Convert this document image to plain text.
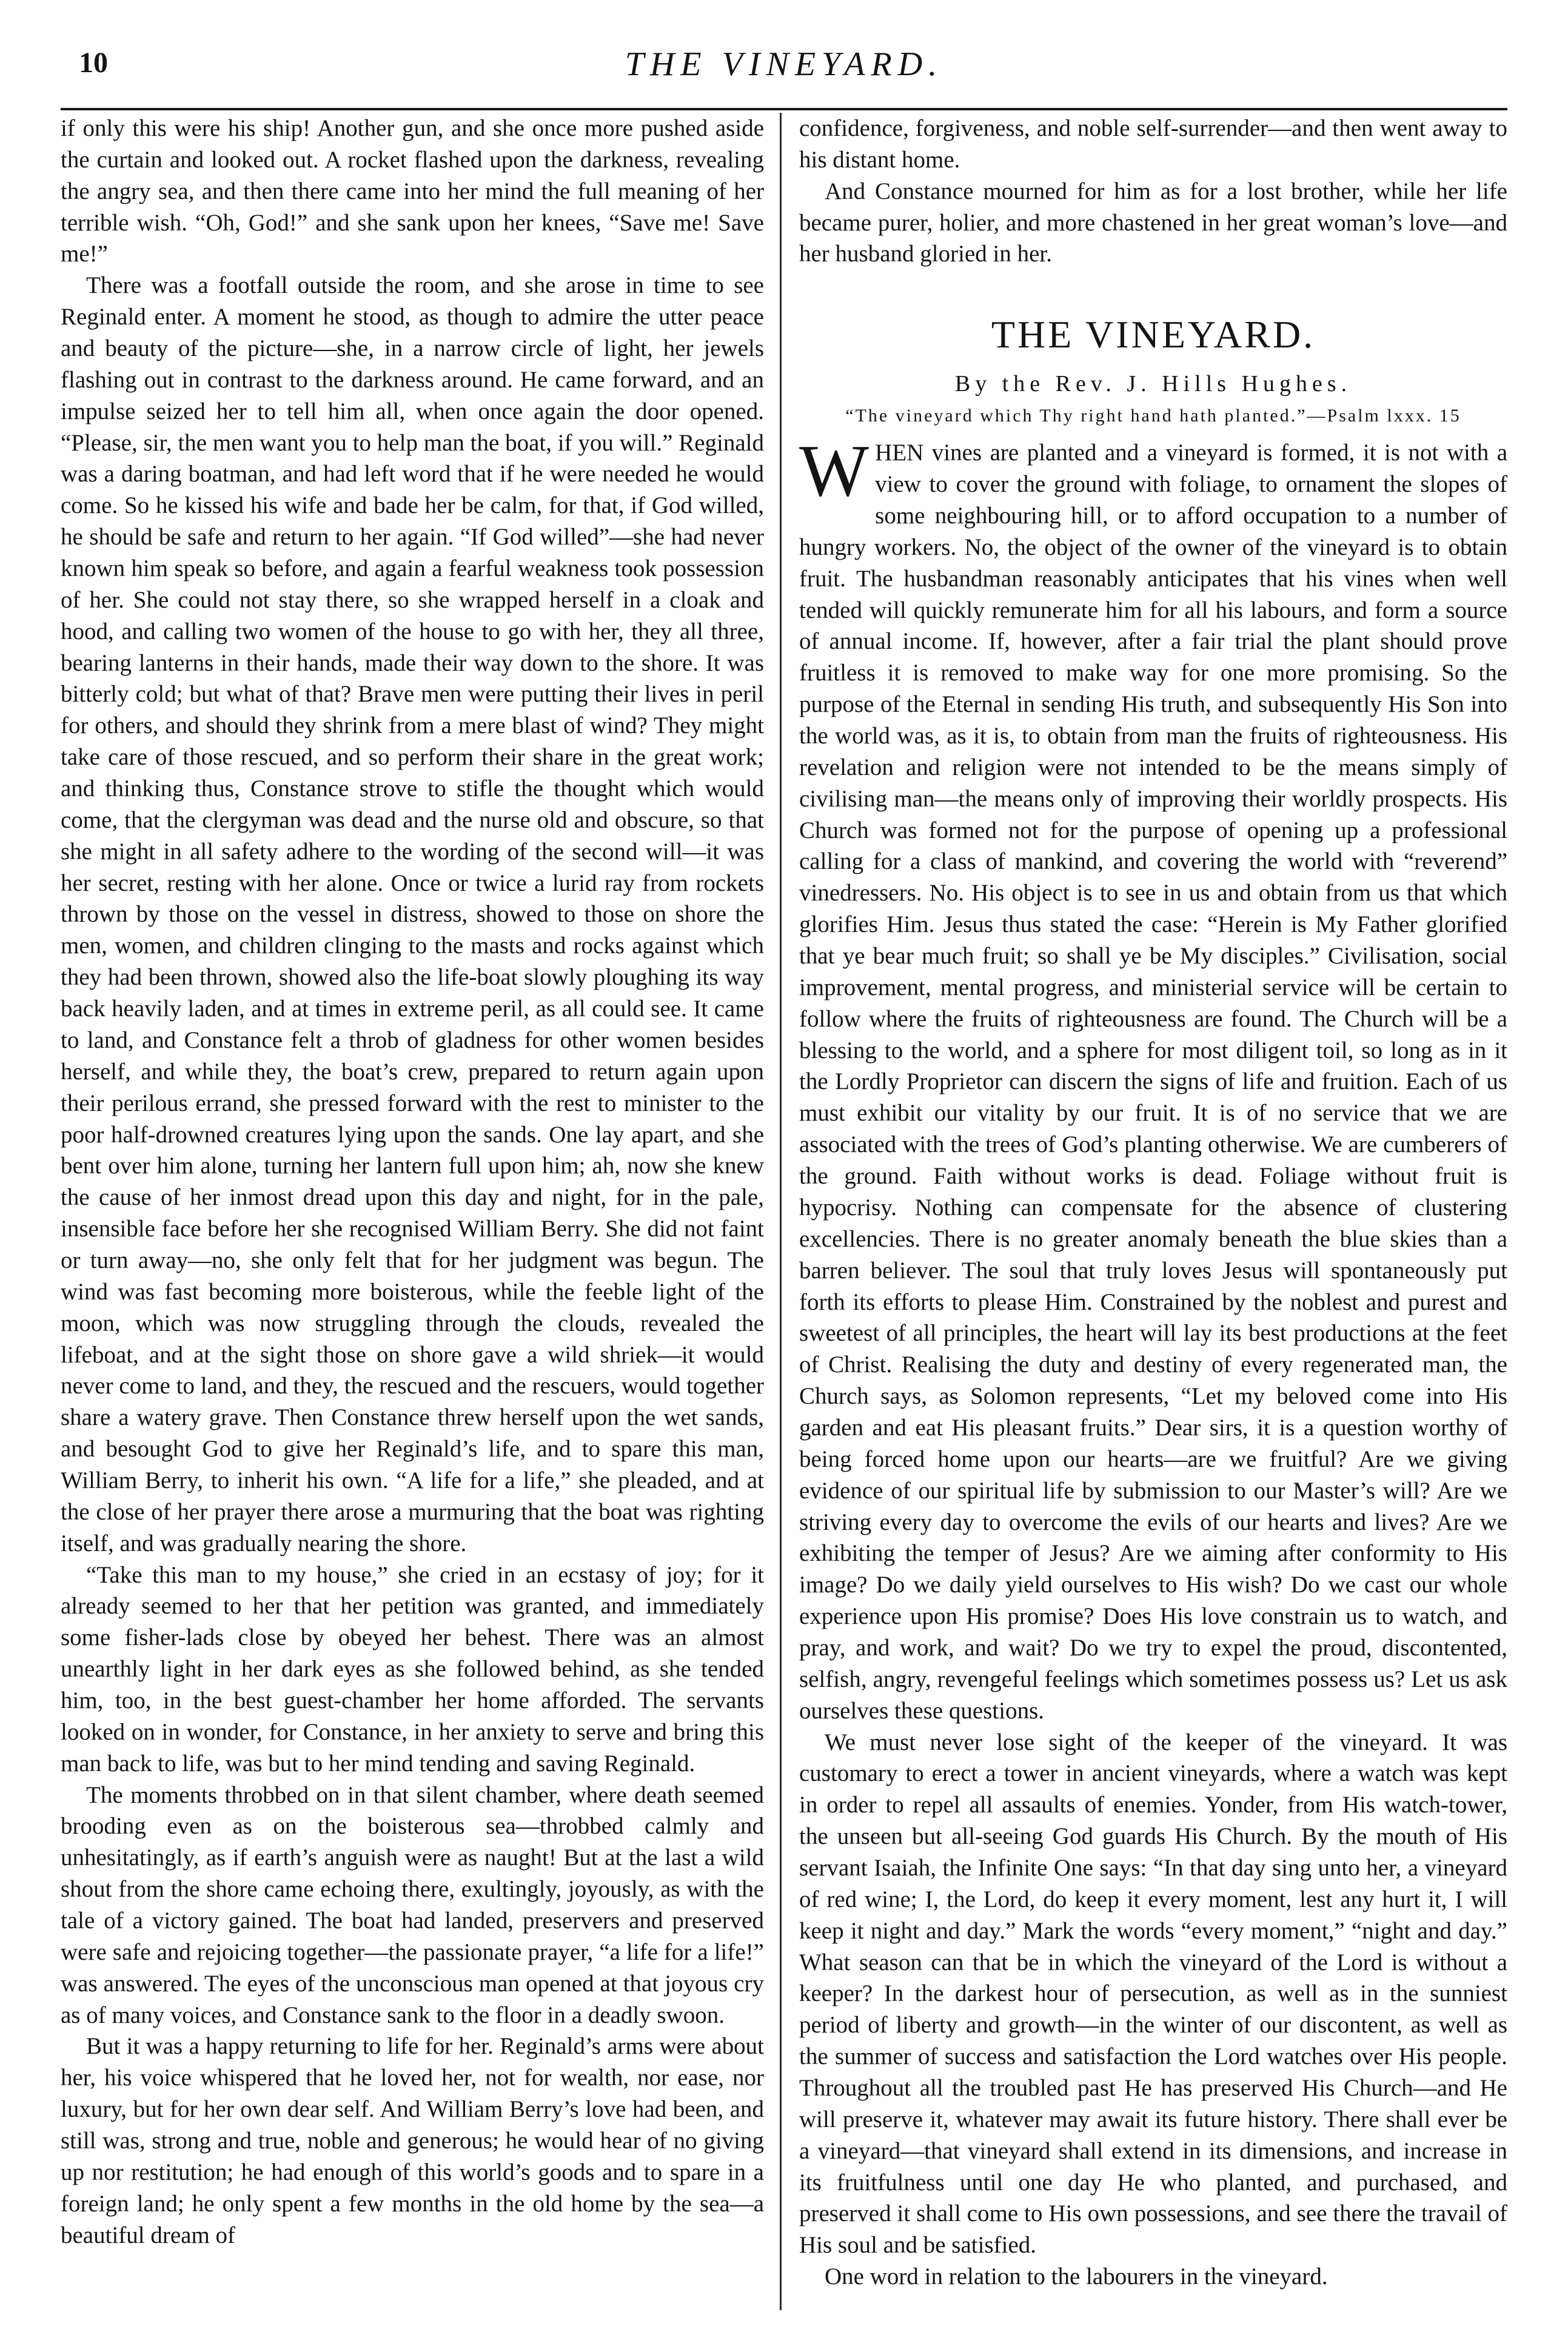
10	THE VINEYARD.

if only this were his ship! Another gun, and she once more pushed aside the curtain and looked out. A rocket flashed upon the darkness, revealing the angry sea, and then there came into her mind the full meaning of her terrible wish. “Oh, God!” and she sank upon her knees, “Save me! Save me!”

There was a footfall outside the room, and she arose in time to see Reginald enter. A moment he stood, as though to admire the utter peace and beauty of the picture—she, in a narrow circle of light, her jewels flashing out in contrast to the darkness around. He came forward, and an impulse seized her to tell him all, when once again the door opened. “Please, sir, the men want you to help man the boat, if you will.” Reginald was a daring boatman, and had left word that if he were needed he would come. So he kissed his wife and bade her be calm, for that, if God willed, he should be safe and return to her again. “If God willed”—she had never known him speak so before, and again a fearful weakness took possession of her. She could not stay there, so she wrapped herself in a cloak and hood, and calling two women of the house to go with her, they all three, bearing lanterns in their hands, made their way down to the shore. It was bitterly cold; but what of that? Brave men were putting their lives in peril for others, and should they shrink from a mere blast of wind? They might take care of those rescued, and so perform their share in the great work; and thinking thus, Constance strove to stifle the thought which would come, that the clergyman was dead and the nurse old and obscure, so that she might in all safety adhere to the wording of the second will—it was her secret, resting with her alone. Once or twice a lurid ray from rockets thrown by those on the vessel in distress, showed to those on shore the men, women, and children clinging to the masts and rocks against which they had been thrown, showed also the life-boat slowly ploughing its way back heavily laden, and at times in extreme peril, as all could see. It came to land, and Constance felt a throb of gladness for other women besides herself, and while they, the boat’s crew, prepared to return again upon their perilous errand, she pressed forward with the rest to minister to the poor half-drowned creatures lying upon the sands. One lay apart, and she bent over him alone, turning her lantern full upon him; ah, now she knew the cause of her inmost dread upon this day and night, for in the pale, insensible face before her she recognised William Berry. She did not faint or turn away—no, she only felt that for her judgment was begun. The wind was fast becoming more boisterous, while the feeble light of the moon, which was now struggling through the clouds, revealed the lifeboat, and at the sight those on shore gave a wild shriek—it would never come to land, and they, the rescued and the rescuers, would together share a watery grave. Then Constance threw herself upon the wet sands, and besought God to give her Reginald’s life, and to spare this man, William Berry, to inherit his own. “A life for a life,” she pleaded, and at the close of her prayer there arose a murmuring that the boat was righting itself, and was gradually nearing the shore.

“Take this man to my house,” she cried in an ecstasy of joy; for it already seemed to her that her petition was granted, and immediately some fisher-lads close by obeyed her behest. There was an almost unearthly light in her dark eyes as she followed behind, as she tended him, too, in the best guest-chamber her home afforded. The servants looked on in wonder, for Constance, in her anxiety to serve and bring this man back to life, was but to her mind tending and saving Reginald.

The moments throbbed on in that silent chamber, where death seemed brooding even as on the boisterous sea—throbbed calmly and unhesitatingly, as if earth’s anguish were as naught! But at the last a wild shout from the shore came echoing there, exultingly, joyously, as with the tale of a victory gained. The boat had landed, preservers and preserved were safe and rejoicing together—the passionate prayer, “a life for a life!” was answered. The eyes of the unconscious man opened at that joyous cry as of many voices, and Constance sank to the floor in a deadly swoon.

But it was a happy returning to life for her. Reginald’s arms were about her, his voice whispered that he loved her, not for wealth, nor ease, nor luxury, but for her own dear self. And William Berry’s love had been, and still was, strong and true, noble and generous; he would hear of no giving up nor restitution; he had enough of this world’s goods and to spare in a foreign land; he only spent a few months in the old home by the sea—a beautiful dream of

confidence, forgiveness, and noble self-surrender—and then went away to his distant home.

And Constance mourned for him as for a lost brother, while her life became purer, holier, and more chastened in her great woman’s love—and her husband gloried in her.

THE VINEYARD.
By the Rev. J. Hills Hughes.
“The vineyard which Thy right hand hath planted.”—Psalm lxxx. 15
W HEN vines are planted and a vineyard is formed, it is not with a view to cover the ground with foliage, to ornament the slopes of some neighbouring hill, or to afford occupation to a number of hungry workers. No, the object of the owner of the vineyard is to obtain fruit. The husbandman reasonably anticipates that his vines when well tended will quickly remunerate him for all his labours, and form a source of annual income. If, however, after a fair trial the plant should prove fruitless it is removed to make way for one more promising. So the purpose of the Eternal in sending His truth, and subsequently His Son into the world was, as it is, to obtain from man the fruits of righteousness. His revelation and religion were not intended to be the means simply of civilising man—the means only of improving their worldly prospects. His Church was formed not for the purpose of opening up a professional calling for a class of mankind, and covering the world with “reverend” vinedressers. No. His object is to see in us and obtain from us that which glorifies Him. Jesus thus stated the case: “Herein is My Father glorified that ye bear much fruit; so shall ye be My disciples.” Civilisation, social improvement, mental progress, and ministerial service will be certain to follow where the fruits of righteousness are found. The Church will be a blessing to the world, and a sphere for most diligent toil, so long as in it the Lordly Proprietor can discern the signs of life and fruition. Each of us must exhibit our vitality by our fruit. It is of no service that we are associated with the trees of God’s planting otherwise. We are cumberers of the ground. Faith without works is dead. Foliage without fruit is hypocrisy. Nothing can compensate for the absence of clustering excellencies. There is no greater anomaly beneath the blue skies than a barren believer. The soul that truly loves Jesus will spontaneously put forth its efforts to please Him. Constrained by the noblest and purest and sweetest of all principles, the heart will lay its best productions at the feet of Christ. Realising the duty and destiny of every regenerated man, the Church says, as Solomon represents, “Let my beloved come into His garden and eat His pleasant fruits.” Dear sirs, it is a question worthy of being forced home upon our hearts—are we fruitful? Are we giving evidence of our spiritual life by submission to our Master’s will? Are we striving every day to overcome the evils of our hearts and lives? Are we exhibiting the temper of Jesus? Are we aiming after conformity to His image? Do we daily yield ourselves to His wish? Do we cast our whole experience upon His promise? Does His love constrain us to watch, and pray, and work, and wait? Do we try to expel the proud, discontented, selfish, angry, revengeful feelings which sometimes possess us? Let us ask ourselves these questions.

We must never lose sight of the keeper of the vineyard. It was customary to erect a tower in ancient vineyards, where a watch was kept in order to repel all assaults of enemies. Yonder, from His watch-tower, the unseen but all-seeing God guards His Church. By the mouth of His servant Isaiah, the Infinite One says: “In that day sing unto her, a vineyard of red wine; I, the Lord, do keep it every moment, lest any hurt it, I will keep it night and day.” Mark the words “every moment,” “night and day.” What season can that be in which the vineyard of the Lord is without a keeper? In the darkest hour of persecution, as well as in the sunniest period of liberty and growth—in the winter of our discontent, as well as the summer of success and satisfaction the Lord watches over His people. Throughout all the troubled past He has preserved His Church—and He will preserve it, whatever may await its future history. There shall ever be a vineyard—that vineyard shall extend in its dimensions, and increase in its fruitfulness until one day He who planted, and purchased, and preserved it shall come to His own possessions, and see there the travail of His soul and be satisfied.

One word in relation to the labourers in the vineyard.
